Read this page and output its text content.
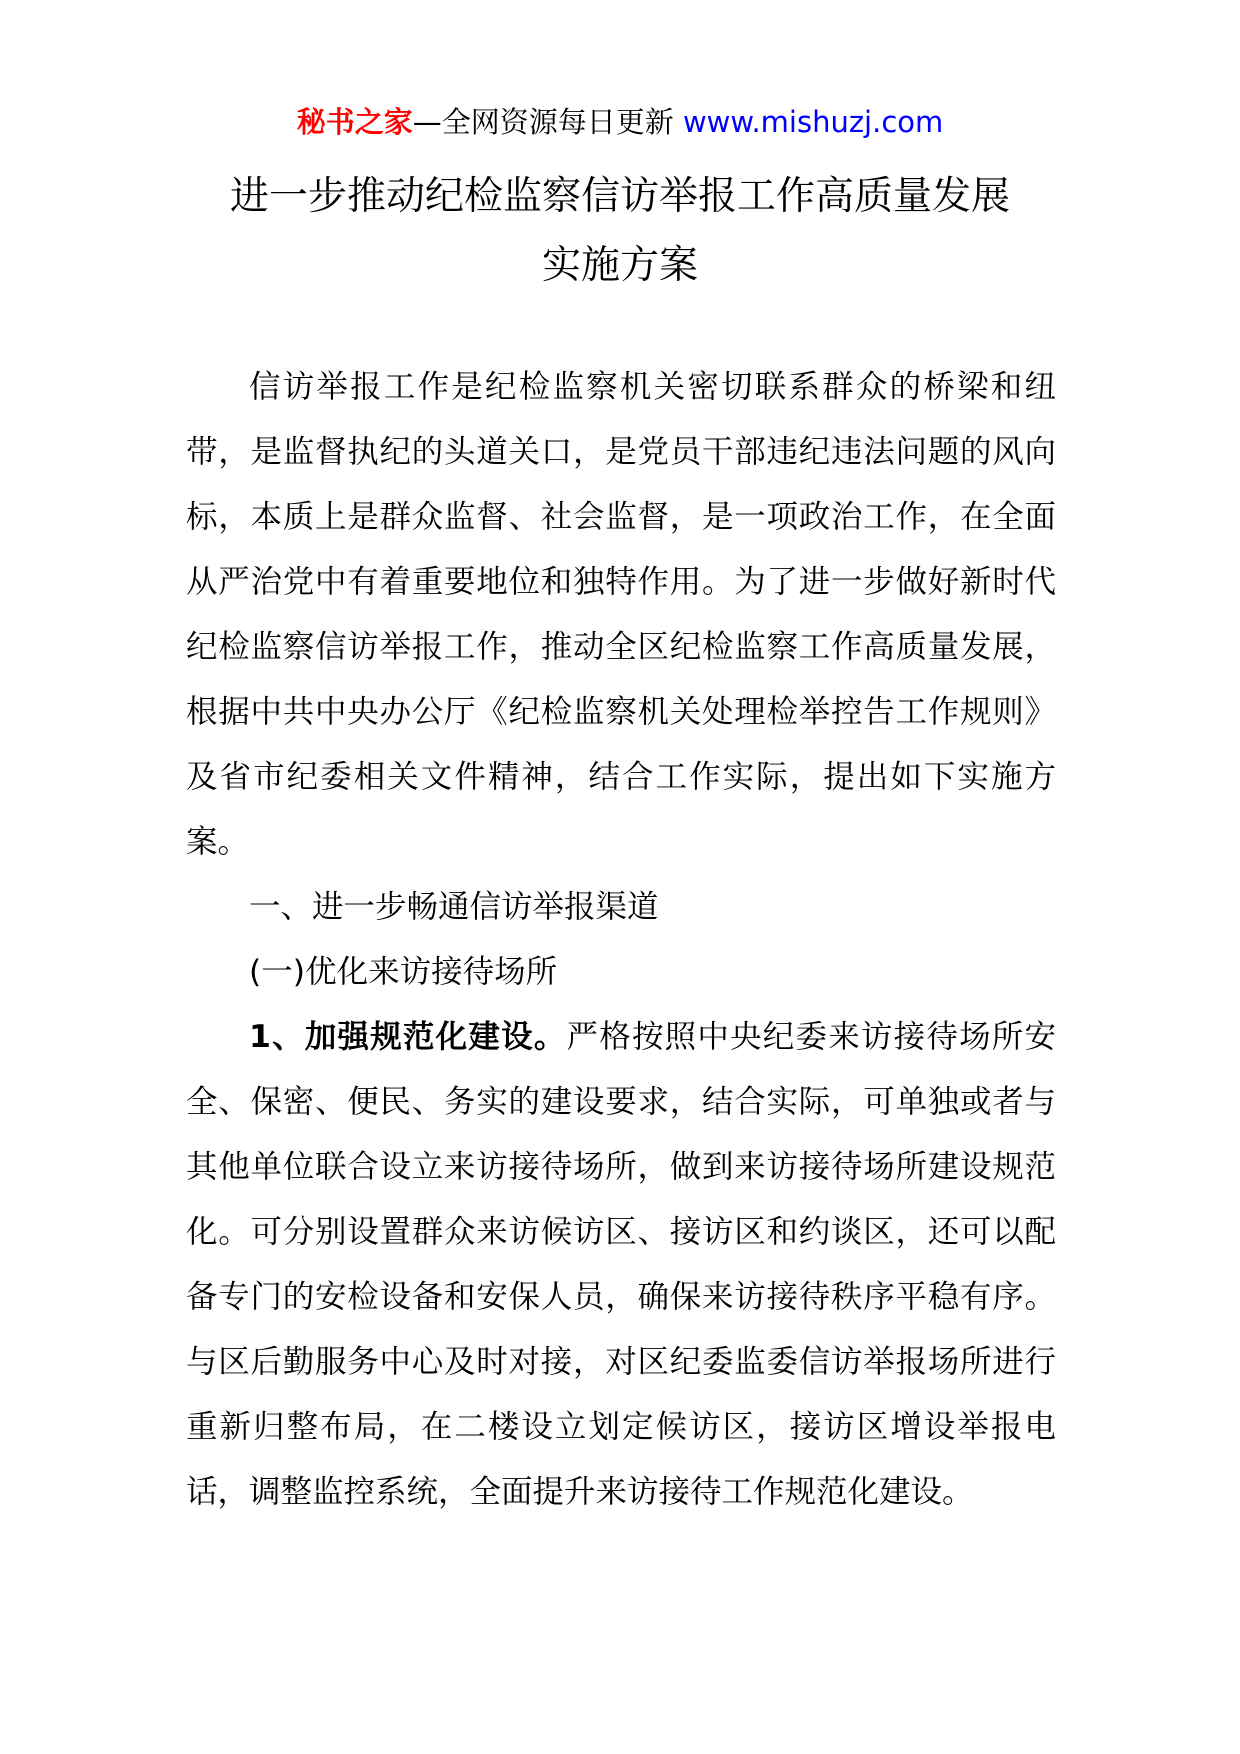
秘书之家—全网资源每日更新 www.mishuzj.com
进一步推动纪检监察信访举报工作高质量发展
实施方案

信访举报工作是纪检监察机关密切联系群众的桥梁和纽带，是监督执纪的头道关口，是党员干部违纪违法问题的风向标，本质上是群众监督、社会监督，是一项政治工作，在全面从严治党中有着重要地位和独特作用。为了进一步做好新时代纪检监察信访举报工作，推动全区纪检监察工作高质量发展，根据中共中央办公厅《纪检监察机关处理检举控告工作规则》及省市纪委相关文件精神，结合工作实际，提出如下实施方案。

一、进一步畅通信访举报渠道

(一)优化来访接待场所

1、加强规范化建设。严格按照中央纪委来访接待场所安全、保密、便民、务实的建设要求，结合实际，可单独或者与其他单位联合设立来访接待场所，做到来访接待场所建设规范化。可分别设置群众来访候访区、接访区和约谈区，还可以配备专门的安检设备和安保人员，确保来访接待秩序平稳有序。与区后勤服务中心及时对接，对区纪委监委信访举报场所进行重新归整布局，在二楼设立划定候访区，接访区增设举报电话，调整监控系统，全面提升来访接待工作规范化建设。
